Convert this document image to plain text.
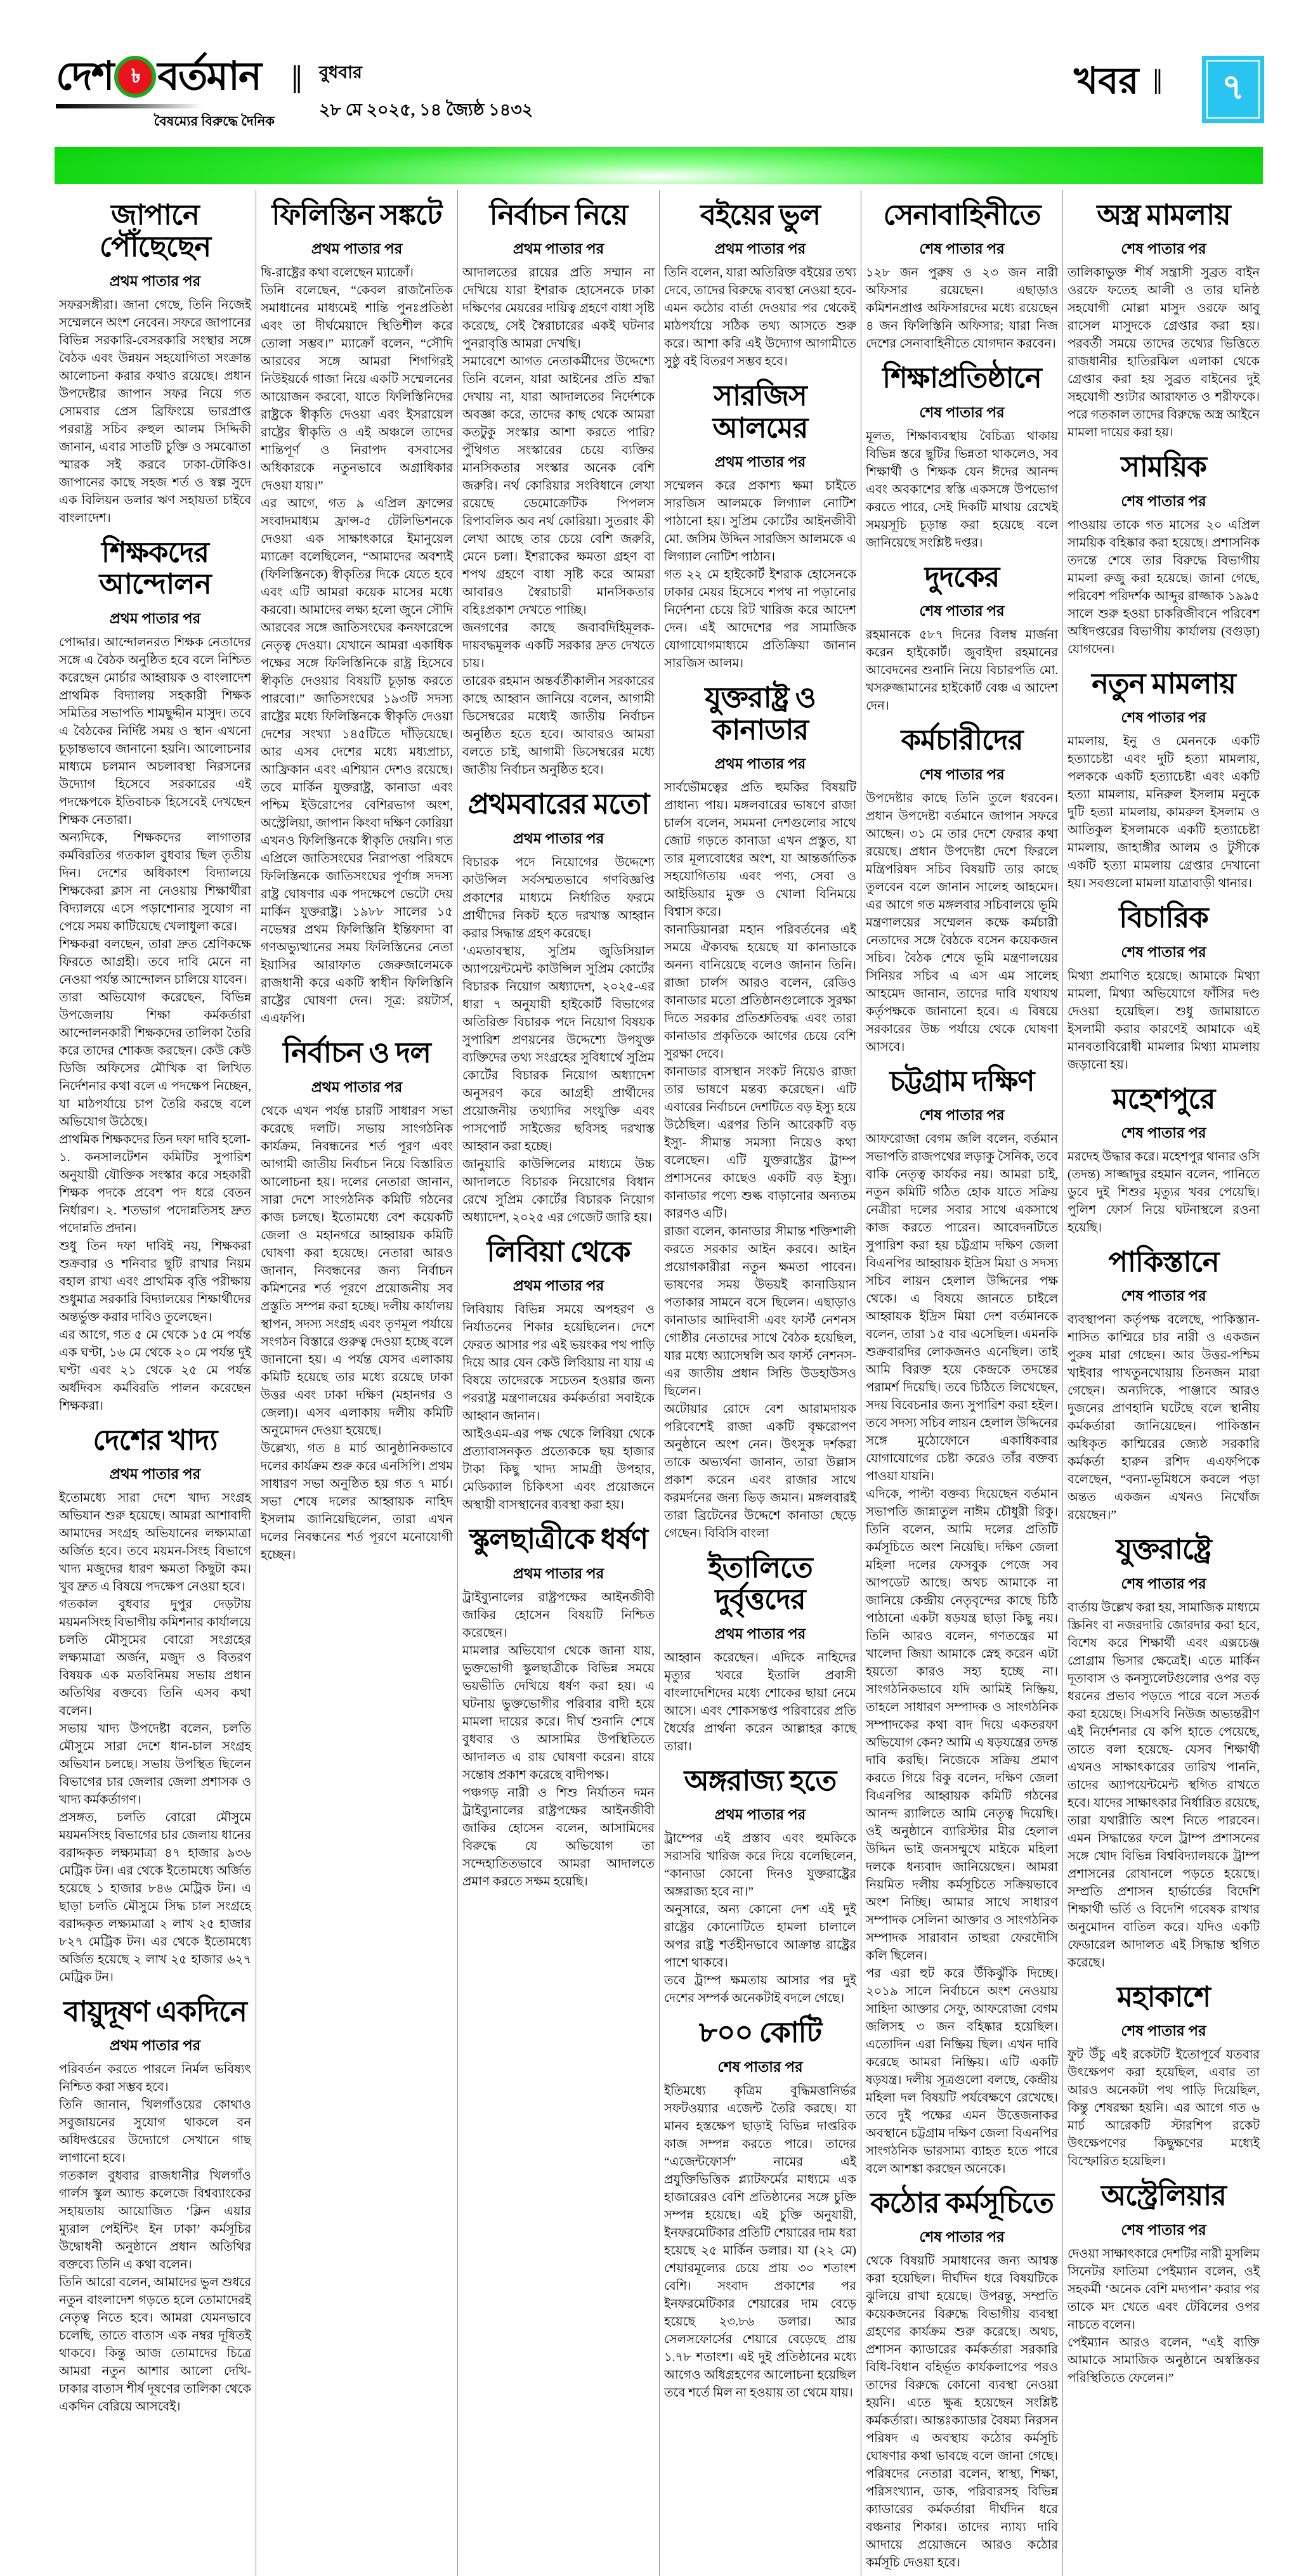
দেশ ৳ বর্তমান
বৈষম্যের বিরুদ্ধে দৈনিক
‖ বুধবার
২৮ মে ২০২৫, ১৪ জ্যৈষ্ঠ ১৪৩২
খবর ‖ ৭
জাপানে পৌঁছেছেন
প্রথম পাতার পর

সফরসঙ্গীরা। জানা গেছে, তিনি নিজেই সম্মেলনে অংশ নেবেন। সফরে জাপানের বিভিন্ন সরকারি-বেসরকারি সংস্থার সঙ্গে বৈঠক এবং উন্নয়ন সহযোগিতা সংক্রান্ত আলোচনা করার কথাও রয়েছে। প্রধান উপদেষ্টার জাপান সফর নিয়ে গত সোমবার প্রেস ব্রিফিংয়ে ভারপ্রাপ্ত পররাষ্ট্র সচিব রুহুল আলম সিদ্দিকী জানান, এবার সাতটি চুক্তি ও সমঝোতা স্মারক সই করবে ঢাকা-টোকিও। জাপানের কাছে সহজ শর্ত ও স্বল্প সুদে এক বিলিয়ন ডলার ঋণ সহায়তা চাইবে বাংলাদেশ।

শিক্ষকদের আন্দোলন
প্রথম পাতার পর

পোদ্দার। আন্দোলনরত শিক্ষক নেতাদের সঙ্গে এ বৈঠক অনুষ্ঠিত হবে বলে নিশ্চিত করেছেন মোর্চার আহ্বায়ক ও বাংলাদেশ প্রাথমিক বিদ্যালয় সহকারী শিক্ষক সমিতির সভাপতি শামছুদ্দীন মাসুদ। তবে এ বৈঠকের নির্দিষ্ট সময় ও স্থান এখনো চূড়ান্তভাবে জানানো হয়নি। আলোচনার মাধ্যমে চলমান অচলাবস্থা নিরসনের উদ্যোগ হিসেবে সরকারের এই পদক্ষেপকে ইতিবাচক হিসেবেই দেখছেন শিক্ষক নেতারা।

অন্যদিকে, শিক্ষকদের লাগাতার কর্মবিরতির গতকাল বুধবার ছিল তৃতীয় দিন। দেশের অধিকাংশ বিদ্যালয়ে শিক্ষকেরা ক্লাস না নেওয়ায় শিক্ষার্থীরা বিদ্যালয়ে এসে পড়াশোনার সুযোগ না পেয়ে সময় কাটিয়েছে খেলাধুলা করে।

শিক্ষকরা বলছেন, তারা দ্রুত শ্রেণিকক্ষে ফিরতে আগ্রহী। তবে দাবি মেনে না নেওয়া পর্যন্ত আন্দোলন চালিয়ে যাবেন।

তারা অভিযোগ করেছেন, বিভিন্ন উপজেলায় শিক্ষা কর্মকর্তারা আন্দোলনকারী শিক্ষকদের তালিকা তৈরি করে তাদের শোকজ করছেন। কেউ কেউ ডিজি অফিসের মৌখিক বা লিখিত নির্দেশনার কথা বলে এ পদক্ষেপ নিচ্ছেন, যা মাঠপর্যায়ে চাপ তৈরি করছে বলে অভিযোগ উঠেছে।

প্রাথমিক শিক্ষকদের তিন দফা দাবি হলো-

১. কনসালটেশন কমিটির সুপারিশ অনুযায়ী যৌক্তিক সংস্কার করে সহকারী শিক্ষক পদকে প্রবেশ পদ ধরে বেতন নির্ধারণ। ২. শতভাগ পদোন্নতিসহ দ্রুত পদোন্নতি প্রদান।

শুধু তিন দফা দাবিই নয়, শিক্ষকরা শুক্রবার ও শনিবার ছুটি রাখার নিয়ম বহাল রাখা এবং প্রাথমিক বৃত্তি পরীক্ষায় শুধুমাত্র সরকারি বিদ্যালয়ের শিক্ষার্থীদের অন্তর্ভুক্ত করার দাবিও তুলেছেন।

এর আগে, গত ৫ মে থেকে ১৫ মে পর্যন্ত এক ঘণ্টা, ১৬ মে থেকে ২০ মে পর্যন্ত দুই ঘণ্টা এবং ২১ থেকে ২৫ মে পর্যন্ত অর্ধদিবস কর্মবিরতি পালন করেছেন শিক্ষকরা।

দেশের খাদ্য
প্রথম পাতার পর

ইতোমধ্যে সারা দেশে খাদ্য সংগ্রহ অভিযান শুরু হয়েছে। আমরা আশাবাদী আমাদের সংগ্রহ অভিযানের লক্ষ্যমাত্রা অর্জিত হবে। তবে ময়মন-সিংহ বিভাগে খাদ্য মজুদের ধারণ ক্ষমতা কিছুটা কম। খুব দ্রুত এ বিষয়ে পদক্ষেপ নেওয়া হবে।

গতকাল বুধবার দুপুর দেড়টায় ময়মনসিংহ বিভাগীয় কমিশনার কার্যালয়ে চলতি মৌসুমের বোরো সংগ্রহের লক্ষ্যমাত্রা অর্জন, মজুদ ও বিতরণ বিষয়ক এক মতবিনিময় সভায় প্রধান অতিথির বক্তব্যে তিনি এসব কথা বলেন।

সভায় খাদ্য উপদেষ্টা বলেন, চলতি মৌসুমে সারা দেশে ধান-চাল সংগ্রহ অভিযান চলছে। সভায় উপস্থিত ছিলেন বিভাগের চার জেলার জেলা প্রশাসক ও খাদ্য কর্মকর্তাগণ।

প্রসঙ্গত, চলতি বোরো মৌসুমে ময়মনসিংহ বিভাগের চার জেলায় ধানের বরাদ্দকৃত লক্ষ্যমাত্রা ৪৭ হাজার ৯৩৬ মেট্রিক টন। এর থেকে ইতোমধ্যে অর্জিত হয়েছে ১ হাজার ৮৪৬ মেট্রিক টন। এ ছাড়া চলতি মৌসুমে সিদ্ধ চাল সংগ্রহে বরাদ্দকৃত লক্ষ্যমাত্রা ২ লাখ ২৫ হাজার ৮২৭ মেট্রিক টন। এর থেকে ইতোমধ্যে অর্জিত হয়েছে ২ লাখ ২৫ হাজার ৬২৭ মেট্রিক টন।

বায়ুদূষণ একদিনে
প্রথম পাতার পর

পরিবর্তন করতে পারলে নির্মল ভবিষ্যৎ নিশ্চিত করা সম্ভব হবে।

তিনি জানান, খিলগাঁওয়ের কোথাও সবুজায়নের সুযোগ থাকলে বন অধিদপ্তরের উদ্যোগে সেখানে গাছ লাগানো হবে।

গতকাল বুধবার রাজধানীর খিলগাঁও গার্লস স্কুল অ্যান্ড কলেজে বিশ্বব্যাংকের সহায়তায় আয়োজিত ‘ক্লিন এয়ার ম্যুরাল পেইন্টিং ইন ঢাকা’ কর্মসূচির উদ্বোধনী অনুষ্ঠানে প্রধান অতিথির বক্তব্যে তিনি এ কথা বলেন।

তিনি আরো বলেন, আমাদের ভুল শুধরে নতুন বাংলাদেশ গড়তে হলে তোমাদেরই নেতৃত্ব নিতে হবে। আমরা যেমনভাবে চলেছি, তাতে বাতাস এক নম্বর দূষিতই থাকবে। কিন্তু আজ তোমাদের চিত্রে আমরা নতুন আশার আলো দেখি- ঢাকার বাতাস শীর্ষ দূষণের তালিকা থেকে একদিন বেরিয়ে আসবেই।

ফিলিস্তিন সঙ্কটে
প্রথম পাতার পর

দ্বি-রাষ্ট্রের কথা বলেছেন ম্যাক্রোঁ।

তিনি বলেছেন, “কেবল রাজনৈতিক সমাধানের মাধ্যমেই শান্তি পুনঃপ্রতিষ্ঠা এবং তা দীর্ঘমেয়াদে স্থিতিশীল করে তোলা সম্ভব।” ম্যাক্রোঁ বলেন, “সৌদি আরবের সঙ্গে আমরা শিগগিরই নিউইয়র্কে গাজা নিয়ে একটি সম্মেলনের আয়োজন করবো, যাতে ফিলিস্তিনিদের রাষ্ট্রকে স্বীকৃতি দেওয়া এবং ইসরায়েল রাষ্ট্রের স্বীকৃতি ও এই অঞ্চলে তাদের শান্তিপূর্ণ ও নিরাপদ বসবাসের অধিকারকে নতুনভাবে অগ্রাধিকার দেওয়া যায়।”

এর আগে, গত ৯ এপ্রিল ফ্রান্সের সংবাদমাধ্যম ফ্রান্স-৫ টেলিভিশনকে দেওয়া এক সাক্ষাৎকারে ইমানুয়েল ম্যাক্রো বলেছিলেন, “আমাদের অবশ্যই (ফিলিস্তিনকে) স্বীকৃতির দিকে যেতে হবে এবং এটি আমরা কয়েক মাসের মধ্যে করবো। আমাদের লক্ষ্য হলো জুনে সৌদি আরবের সঙ্গে জাতিসংঘের কনফারেন্সে নেতৃত্ব দেওয়া। যেখানে আমরা একাধিক পক্ষের সঙ্গে ফিলিস্তিনিকে রাষ্ট্র হিসেবে স্বীকৃতি দেওয়ার বিষয়টি চূড়ান্ত করতে পারবো।” জাতিসংঘের ১৯৩টি সদস্য রাষ্ট্রের মধ্যে ফিলিস্তিনকে স্বীকৃতি দেওয়া দেশের সংখ্যা ১৪৫টিতে দাঁড়িয়েছে। আর এসব দেশের মধ্যে মধ্যপ্রাচ্য, আফ্রিকান এবং এশিয়ান দেশও রয়েছে। তবে মার্কিন যুক্তরাষ্ট্র, কানাডা এবং পশ্চিম ইউরোপের বেশিরভাগ অংশ, অস্ট্রেলিয়া, জাপান কিংবা দক্ষিণ কোরিয়া এখনও ফিলিস্তিনকে স্বীকৃতি দেয়নি। গত এপ্রিলে জাতিসংঘের নিরাপত্তা পরিষদে ফিলিস্তিনকে জাতিসংঘের পূর্ণাঙ্গ সদস্য রাষ্ট্র ঘোষণার এক পদক্ষেপে ভেটো দেয় মার্কিন যুক্তরাষ্ট্র। ১৯৮৮ সালের ১৫ নভেম্বর প্রথম ফিলিস্তিনি ইন্তিফাদা বা গণঅভ্যুত্থানের সময় ফিলিস্তিনের নেতা ইয়াসির আরাফাত জেরুজালেমকে রাজধানী করে একটি স্বাধীন ফিলিস্তিনি রাষ্ট্রের ঘোষণা দেন। সূত্র: রয়টার্স, এএফপি।

নির্বাচন ও দল
প্রথম পাতার পর

থেকে এখন পর্যন্ত চারটি সাধারণ সভা করেছে দলটি। সভায় সাংগঠনিক কার্যক্রম, নিবন্ধনের শর্ত পূরণ এবং আগামী জাতীয় নির্বাচন নিয়ে বিস্তারিত আলোচনা হয়। দলের নেতারা জানান, সারা দেশে সাংগঠনিক কমিটি গঠনের কাজ চলছে। ইতোমধ্যে বেশ কয়েকটি জেলা ও মহানগরে আহ্বায়ক কমিটি ঘোষণা করা হয়েছে। নেতারা আরও জানান, নিবন্ধনের জন্য নির্বাচন কমিশনের শর্ত পূরণে প্রয়োজনীয় সব প্রস্তুতি সম্পন্ন করা হচ্ছে। দলীয় কার্যালয় স্থাপন, সদস্য সংগ্রহ এবং তৃণমূল পর্যায়ে সংগঠন বিস্তারে গুরুত্ব দেওয়া হচ্ছে বলে জানানো হয়। এ পর্যন্ত যেসব এলাকায় কমিটি হয়েছে তার মধ্যে রয়েছে ঢাকা উত্তর এবং ঢাকা দক্ষিণ (মহানগর ও জেলা)। এসব এলাকায় দলীয় কমিটি অনুমোদন দেওয়া হয়েছে।

উল্লেখ্য, গত ৪ মার্চ আনুষ্ঠানিকভাবে দলের কার্যক্রম শুরু করে এনসিপি। প্রথম সাধারণ সভা অনুষ্ঠিত হয় গত ৭ মার্চ। সভা শেষে দলের আহ্বায়ক নাহিদ ইসলাম জানিয়েছিলেন, তারা এখন দলের নিবন্ধনের শর্ত পূরণে মনোযোগী হচ্ছেন।

নির্বাচন নিয়ে
প্রথম পাতার পর

আদালতের রায়ের প্রতি সম্মান না দেখিয়ে যারা ইশরাক হোসেনকে ঢাকা দক্ষিণের মেয়রের দায়িত্ব গ্রহণে বাধা সৃষ্টি করেছে, সেই স্বৈরাচারের একই ঘটনার পুনরাবৃত্তি আমরা দেখছি।

সমাবেশে আগত নেতাকর্মীদের উদ্দেশ্যে তিনি বলেন, যারা আইনের প্রতি শ্রদ্ধা দেখায় না, যারা আদালতের নির্দেশকে অবজ্ঞা করে, তাদের কাছ থেকে আমরা কতটুকু সংস্কার আশা করতে পারি? পুঁথিগত সংস্কারের চেয়ে ব্যক্তির মানসিকতার সংস্কার অনেক বেশি জরুরি। নর্থ কোরিয়ার সংবিধানে লেখা রয়েছে ডেমোক্রেটিক পিপলস রিপাবলিক অব নর্থ কোরিয়া। সুতরাং কী লেখা আছে তার চেয়ে বেশি জরুরি, মেনে চলা। ইশরাকের ক্ষমতা গ্রহণ বা শপথ গ্রহণে বাধা সৃষ্টি করে আমরা আবারও স্বৈরাচারী মানসিকতার বহিঃপ্রকাশ দেখতে পাচ্ছি।

জনগণের কাছে জবাবদিহিমূলক-দায়বদ্ধমূলক একটি সরকার দ্রুত দেখতে চায়।

তারেক রহমান অন্তর্বর্তীকালীন সরকারের কাছে আহ্বান জানিয়ে বলেন, আগামী ডিসেম্বরের মধ্যেই জাতীয় নির্বাচন অনুষ্ঠিত হতে হবে। আবারও আমরা বলতে চাই, আগামী ডিসেম্বরের মধ্যে জাতীয় নির্বাচন অনুষ্ঠিত হবে।

প্রথমবারের মতো
প্রথম পাতার পর

বিচারক পদে নিয়োগের উদ্দেশ্যে কাউন্সিল সর্বসম্মতভাবে গণবিজ্ঞপ্তি প্রকাশের মাধ্যমে নির্ধারিত ফরমে প্রার্থীদের নিকট হতে দরখাস্ত আহ্বান করার সিদ্ধান্ত গ্রহণ করেছে।

‘এমতাবস্থায়, সুপ্রিম জুডিসিয়াল অ্যাপয়েন্টমেন্ট কাউন্সিল সুপ্রিম কোর্টের বিচারক নিয়োগ অধ্যাদেশ, ২০২৫-এর ধারা ৭ অনুযায়ী হাইকোর্ট বিভাগের অতিরিক্ত বিচারক পদে নিয়োগ বিষয়ক সুপারিশ প্রণয়নের উদ্দেশ্যে উপযুক্ত ব্যক্তিদের তথ্য সংগ্রহের সুবিধার্থে সুপ্রিম কোর্টের বিচারক নিয়োগ অধ্যাদেশ অনুসরণ করে আগ্রহী প্রার্থীদের প্রয়োজনীয় তথ্যাদির সংযুক্তি এবং পাসপোর্ট সাইজের ছবিসহ দরখাস্ত আহ্বান করা হচ্ছে।

জানুয়ারি কাউন্সিলের মাধ্যমে উচ্চ আদালতে বিচারক নিয়োগের বিধান রেখে সুপ্রিম কোর্টের বিচারক নিয়োগ অধ্যাদেশ, ২০২৫ এর গেজেট জারি হয়।

লিবিয়া থেকে
প্রথম পাতার পর

লিবিয়ায় বিভিন্ন সময়ে অপহরণ ও নির্যাতনের শিকার হয়েছিলেন। দেশে ফেরত আসার পর এই ভয়ংকর পথ পাড়ি দিয়ে আর যেন কেউ লিবিয়ায় না যায় এ বিষয়ে তাদেরকে সচেতন হওয়ার জন্য পররাষ্ট্র মন্ত্রণালয়ের কর্মকর্তারা সবাইকে আহ্বান জানান।

আইওএম-এর পক্ষ থেকে লিবিয়া থেকে প্রত্যাবাসনকৃত প্রত্যেককে ছয় হাজার টাকা কিছু খাদ্য সামগ্রী উপহার, মেডিক্যাল চিকিৎসা এবং প্রয়োজনে অস্থায়ী বাসস্থানের ব্যবস্থা করা হয়।

স্কুলছাত্রীকে ধর্ষণ
প্রথম পাতার পর

ট্রাইব্যুনালের রাষ্ট্রপক্ষের আইনজীবী জাকির হোসেন বিষয়টি নিশ্চিত করেছেন।

মামলার অভিযোগ থেকে জানা যায়, ভুক্তভোগী স্কুলছাত্রীকে বিভিন্ন সময়ে ভয়ভীতি দেখিয়ে ধর্ষণ করা হয়। এ ঘটনায় ভুক্তভোগীর পরিবার বাদী হয়ে মামলা দায়ের করে। দীর্ঘ শুনানি শেষে বুধবার ও আসামির উপস্থিতিতে আদালত এ রায় ঘোষণা করেন। রায়ে সন্তোষ প্রকাশ করেছে বাদীপক্ষ।

পঞ্চগড় নারী ও শিশু নির্যাতন দমন ট্রাইব্যুনালের রাষ্ট্রপক্ষের আইনজীবী জাকির হোসেন বলেন, আসামিদের বিরুদ্ধে যে অভিযোগ তা সন্দেহাতিতভাবে আমরা আদালতে প্রমাণ করতে সক্ষম হয়েছি।

বইয়ের ভুল
প্রথম পাতার পর

তিনি বলেন, যারা অতিরিক্ত বইয়ের তথ্য দেবে, তাদের বিরুদ্ধে ব্যবস্থা নেওয়া হবে- এমন কঠোর বার্তা দেওয়ার পর থেকেই মাঠপর্যায়ে সঠিক তথ্য আসতে শুরু করে। আশা করি এই উদ্যোগ আগামীতে সুষ্ঠু বই বিতরণ সম্ভব হবে।

সারজিস আলমের
প্রথম পাতার পর

সম্মেলন করে প্রকাশ্য ক্ষমা চাইতে সারজিস আলমকে লিগ্যাল নোটিশ পাঠানো হয়। সুপ্রিম কোর্টের আইনজীবী মো. জসিম উদ্দিন সারজিস আলমকে এ লিগ্যাল নোটিশ পাঠান।

গত ২২ মে হাইকোর্ট ইশরাক হোসেনকে ঢাকার মেয়র হিসেবে শপথ না পড়ানোর নির্দেশনা চেয়ে রিট খারিজ করে আদেশ দেন। এই আদেশের পর সামাজিক যোগাযোগমাধ্যমে প্রতিক্রিয়া জানান সারজিস আলম।

যুক্তরাষ্ট্র ও কানাডার
প্রথম পাতার পর

সার্বভৌমত্বের প্রতি হুমকির বিষয়টি প্রাধান্য পায়। মঙ্গলবারের ভাষণে রাজা চার্লস বলেন, সমমনা দেশগুলোর সাথে জোট গড়তে কানাডা এখন প্রস্তুত, যা তার মূল্যবোধের অংশ, যা আন্তর্জাতিক সহযোগিতায় এবং পণ্য, সেবা ও আইডিয়ার মুক্ত ও খোলা বিনিময়ে বিশ্বাস করে।

কানাডিয়ানরা মহান পরিবর্তনের এই সময়ে ঐক্যবদ্ধ হয়েছে যা কানাডাকে অনন্য বানিয়েছে বলেও জানান তিনি। রাজা চার্লস আরও বলেন, রেডিও কানাডার মতো প্রতিষ্ঠানগুলোকে সুরক্ষা দিতে সরকার প্রতিশ্রুতিবদ্ধ এবং তারা কানাডার প্রকৃতিকে আগের চেয়ে বেশি সুরক্ষা দেবে।

কানাডার বাসস্থান সংকট নিয়েও রাজা তার ভাষণে মন্তব্য করেছেন। এটি এবারের নির্বাচনে দেশটিতে বড় ইস্যু হয়ে উঠেছিল। এরপর তিনি আরেকটি বড় ইস্যু- সীমান্ত সমস্যা নিয়েও কথা বলেছেন। এটি যুক্তরাষ্ট্রের ট্রাম্প প্রশাসনের কাছেও একটি বড় ইস্যু। কানাডার পণ্যে শুল্ক বাড়ানোর অন্যতম কারণও এটি।

রাজা বলেন, কানাডার সীমান্ত শক্তিশালী করতে সরকার আইন করবে। আইন প্রয়োগকারীরা নতুন ক্ষমতা পাবেন। ভাষণের সময় উভয়ই কানাডিয়ান পতাকার সামনে বসে ছিলেন। এছাড়াও কানাডার আদিবাসী এবং ফার্স্ট নেশনস গোষ্ঠীর নেতাদের সাথে বৈঠক হয়েছিল, যার মধ্যে অ্যাসেম্বলি অব ফার্স্ট নেশনস-এর জাতীয় প্রধান সিন্ডি উডহাউসও ছিলেন।

অটোয়ার রোদে বেশ আরামদায়ক পরিবেশেই রাজা একটি বৃক্ষরোপণ অনুষ্ঠানে অংশ নেন। উৎসুক দর্শকরা তাকে অভ্যর্থনা জানান, তারা উল্লাস প্রকাশ করেন এবং রাজার সাথে করমর্দনের জন্য ভিড় জমান। মঙ্গলবারই তারা ব্রিটেনের উদ্দেশে কানাডা ছেড়ে গেছেন। বিবিসি বাংলা

ইতালিতে দুর্বৃত্তদের
প্রথম পাতার পর

আহ্বান করেছেন। এদিকে নাহিদের মৃত্যুর খবরে ইতালি প্রবাসী বাংলাদেশিদের মধ্যে শোকের ছায়া নেমে আসে। এবং শোকসন্তপ্ত পরিবারের প্রতি ধৈর্যের প্রার্থনা করেন আল্লাহর কাছে তারা।

অঙ্গরাজ্য হতে
প্রথম পাতার পর

ট্রাম্পের এই প্রস্তাব এবং হুমকিকে সরাসরি খারিজ করে দিয়ে বলেছিলেন, “কানাডা কোনো দিনও যুক্তরাষ্ট্রের অঙ্গরাজ্য হবে না।”

অনুসারে, অন্য কোনো দেশ এই দুই রাষ্ট্রের কোনোটিতে হামলা চালালে অপর রাষ্ট্র শর্তহীনভাবে আক্রান্ত রাষ্ট্রের পাশে থাকবে।

তবে ট্রাম্প ক্ষমতায় আসার পর দুই দেশের সম্পর্ক অনেকটাই বদলে গেছে।

৮০০ কোটি
শেষ পাতার পর

ইতিমধ্যে কৃত্রিম বুদ্ধিমত্তানির্ভর সফটওয়্যার এজেন্ট তৈরি করছে। যা মানব হস্তক্ষেপ ছাড়াই বিভিন্ন দাপ্তরিক কাজ সম্পন্ন করতে পারে। তাদের “এজেন্টফোর্স” নামের এই প্রযুক্তিভিত্তিক প্ল্যাটফর্মের মাধ্যমে এক হাজারেরও বেশি প্রতিষ্ঠানের সঙ্গে চুক্তি সম্পন্ন হয়েছে। এই চুক্তি অনুযায়ী, ইনফরমেটিকার প্রতিটি শেয়ারের দাম ধরা হয়েছে ২৫ মার্কিন ডলার। যা (২২ মে) শেয়ারমূল্যের চেয়ে প্রায় ৩০ শতাংশ বেশি। সংবাদ প্রকাশের পর ইনফরমেটিকার শেয়ারের দাম বেড়ে হয়েছে ২৩.৮৬ ডলার। আর সেলসফোর্সের শেয়ারে বেড়েছে প্রায় ১.৭৮ শতাংশ। এই দুই প্রতিষ্ঠানের মধ্যে আগেও অধিগ্রহণের আলোচনা হয়েছিল তবে শর্তে মিল না হওয়ায় তা থেমে যায়।

সেনাবাহিনীতে
শেষ পাতার পর

১২৮ জন পুরুষ ও ২৩ জন নারী অফিসার রয়েছেন। এছাড়াও কমিশনপ্রাপ্ত অফিসারদের মধ্যে রয়েছেন ৪ জন ফিলিস্তিনি অফিসার; যারা নিজ দেশের সেনাবাহিনীতে যোগদান করবেন।

শিক্ষাপ্রতিষ্ঠানে
শেষ পাতার পর

মূলত, শিক্ষাব্যবস্থায় বৈচিত্র্য থাকায় বিভিন্ন স্তরে ছুটির ভিন্নতা থাকলেও, সব শিক্ষার্থী ও শিক্ষক যেন ঈদের আনন্দ এবং অবকাশের স্বস্তি একসঙ্গে উপভোগ করতে পারে, সেই দিকটি মাথায় রেখেই সময়সূচি চূড়ান্ত করা হয়েছে বলে জানিয়েছে সংশ্লিষ্ট দপ্তর।

দুদকের
শেষ পাতার পর

রহমানকে ৫৮৭ দিনের বিলম্ব মার্জনা করেন হাইকোর্ট। জুবাইদা রহমানের আবেদনের শুনানি নিয়ে বিচারপতি মো. খসরুজ্জামানের হাইকোর্ট বেঞ্চ এ আদেশ দেন।

কর্মচারীদের
শেষ পাতার পর

উপদেষ্টার কাছে তিনি তুলে ধরবেন। প্রধান উপদেষ্টা বর্তমানে জাপান সফরে আছেন। ৩১ মে তার দেশে ফেরার কথা রয়েছে। প্রধান উপদেষ্টা দেশে ফিরলে মন্ত্রিপরিষদ সচিব বিষয়টি তার কাছে তুলবেন বলে জানান সালেহ আহমেদ। এর আগে গত মঙ্গলবার সচিবালয়ে ভূমি মন্ত্রণালয়ের সম্মেলন কক্ষে কর্মচারী নেতাদের সঙ্গে বৈঠকে বসেন কয়েকজন সচিব। বৈঠক শেষে ভূমি মন্ত্রণালয়ের সিনিয়র সচিব এ এস এম সালেহ আহমেদ জানান, তাদের দাবি যথাযথ কর্তৃপক্ষকে জানানো হবে। এ বিষয়ে সরকারের উচ্চ পর্যায়ে থেকে ঘোষণা আসবে।

চট্টগ্রাম দক্ষিণ
শেষ পাতার পর

আফরোজা বেগম জলি বলেন, বর্তমান সভাপতি রাজপথের লড়াকু সৈনিক, তবে বাকি নেতৃত্ব কার্যকর নয়। আমরা চাই, নতুন কমিটি গঠিত হোক যাতে সক্রিয় নেত্রীরা দলের সবার সাথে একসাথে কাজ করতে পারেন। আবেদনটিতে সুপারিশ করা হয় চট্টগ্রাম দক্ষিণ জেলা বিএনপির আহ্বায়ক ইদ্রিস মিয়া ও সদস্য সচিব লায়ন হেলাল উদ্দিনের পক্ষ থেকে। এ বিষয়ে জানতে চাইলে আহ্বায়ক ইদ্রিস মিয়া দেশ বর্তমানকে বলেন, তারা ১৫ বার এসেছিল। এমনকি শুক্রবারদির লোকজনও এনেছিল। তাই আমি বিরক্ত হয়ে কেন্দ্রকে তদন্তের পরামর্শ দিয়েছি। তবে চিঠিতে লিখেছেন, সদয় বিবেচনার জন্য সুপারিশ করা হইল। তবে সদস্য সচিব লায়ন হেলাল উদ্দিনের সঙ্গে মুঠোফোনে একাধিকবার যোগাযোগের চেষ্টা করেও তাঁর বক্তব্য পাওয়া যায়নি।

এদিকে, পাল্টা বক্তব্য দিয়েছেন বর্তমান সভাপতি জান্নাতুল নাঈম চৌধুরী রিকু। তিনি বলেন, আমি দলের প্রতিটি কর্মসূচিতে অংশ নিয়েছি। দক্ষিণ জেলা মহিলা দলের ফেসবুক পেজে সব আপডেট আছে। অথচ আমাকে না জানিয়ে কেন্দ্রীয় নেতৃবৃন্দের কাছে চিঠি পাঠানো একটা ষড়যন্ত্র ছাড়া কিছু নয়। তিনি আরও বলেন, গণতন্ত্রের মা খালেদা জিয়া আমাকে স্নেহ করেন এটা হয়তো কারও সহ্য হচ্ছে না। সাংগঠনিকভাবে যদি আমিই নিষ্ক্রিয়, তাহলে সাধারণ সম্পাদক ও সাংগঠনিক সম্পাদকের কথা বাদ দিয়ে একতরফা অভিযোগ কেন? আমি এ ষড়যন্ত্রের তদন্ত দাবি করছি। নিজেকে সক্রিয় প্রমাণ করতে গিয়ে রিকু বলেন, দক্ষিণ জেলা বিএনপির আহ্বায়ক কমিটি গঠনের আনন্দ র‍্যালিতে আমি নেতৃত্ব দিয়েছি। ওই অনুষ্ঠানে ব্যারিস্টার মীর হেলাল উদ্দিন ভাই জনসম্মুখে মাইকে মহিলা দলকে ধন্যবাদ জানিয়েছেন। আমরা নিয়মিত দলীয় কর্মসূচিতে সক্রিয়ভাবে অংশ নিচ্ছি। আমার সাথে সাধারণ সম্পাদক সেলিনা আক্তার ও সাংগঠনিক সম্পাদক সারাবান তাহুরা ফেরদৌসি কলি ছিলেন।

পর এরা হুট করে উঁকিঝুঁকি দিচ্ছে। ২০১৯ সালে নির্বাচনে অংশ নেওয়ায় সাহিদা আক্তার সেফু, আফরোজা বেগম জলিসহ ৩ জন বহিষ্কার হয়েছিল। এতোদিন এরা নিষ্ক্রিয় ছিল। এখন দাবি করেছে আমরা নিষ্ক্রিয়। এটি একটি ষড়যন্ত্র। দলীয় সূত্রগুলো বলছে, কেন্দ্রীয় মহিলা দল বিষয়টি পর্যবেক্ষণে রেখেছে। তবে দুই পক্ষের এমন উত্তেজনাকর অবস্থানে চট্টগ্রাম দক্ষিণ জেলা বিএনপির সাংগঠনিক ভারসাম্য ব্যাহত হতে পারে বলে আশঙ্কা করছেন অনেকে।

কঠোর কর্মসূচিতে
শেষ পাতার পর

থেকে বিষয়টি সমাধানের জন্য আশ্বস্ত করা হয়েছিল। দীর্ঘদিন ধরে বিষয়টিকে ঝুলিয়ে রাখা হয়েছে। উপরন্তু, সম্প্রতি কয়েকজনের বিরুদ্ধে বিভাগীয় ব্যবস্থা গ্রহণের কার্যক্রম শুরু করেছে। অথচ, প্রশাসন ক্যাডারের কর্মকর্তারা সরকারি বিধি-বিধান বহির্ভূত কার্যকলাপের পরও তাদের বিরুদ্ধে কোনো ব্যবস্থা নেওয়া হয়নি। এতে ক্ষুব্ধ হয়েছেন সংশ্লিষ্ট কর্মকর্তারা। আন্তঃক্যাডার বৈষম্য নিরসন পরিষদ এ অবস্থায় কঠোর কর্মসূচি ঘোষণার কথা ভাবছে বলে জানা গেছে। পরিষদের নেতারা বলেন, স্বাস্থ্য, শিক্ষা, পরিসংখ্যান, ডাক, পরিবারসহ বিভিন্ন ক্যাডারের কর্মকর্তারা দীর্ঘদিন ধরে বঞ্চনার শিকার। তাদের ন্যায্য দাবি আদায়ে প্রয়োজনে আরও কঠোর কর্মসূচি দেওয়া হবে।

অস্ত্র মামলায়
শেষ পাতার পর

তালিকাভুক্ত শীর্ষ সন্ত্রাসী সুব্রত বাইন ওরফে ফতেহ আলী ও তার ঘনিষ্ঠ সহযোগী মোল্লা মাসুদ ওরফে আবু রাসেল মাসুদকে গ্রেপ্তার করা হয়। পরবর্তী সময়ে তাদের তথ্যের ভিত্তিতে রাজধানীর হাতিরঝিল এলাকা থেকে গ্রেপ্তার করা হয় সুব্রত বাইনের দুই সহযোগী শ্যুটার আরাফাত ও শরীফকে। পরে গতকাল তাদের বিরুদ্ধে অস্ত্র আইনে মামলা দায়ের করা হয়।

সাময়িক
শেষ পাতার পর

পাওয়ায় তাকে গত মাসের ২০ এপ্রিল সাময়িক বহিষ্কার করা হয়েছে। প্রশাসনিক তদন্তে শেষে তার বিরুদ্ধে বিভাগীয় মামলা রুজু করা হয়েছে। জানা গেছে, পরিবেশ পরিদর্শক আব্দুর রাজ্জাক ১৯৯৫ সালে শুরু হওয়া চাকরিজীবনে পরিবেশ অধিদপ্তরের বিভাগীয় কার্যালয় (বগুড়া) যোগদেন।

নতুন মামলায়
শেষ পাতার পর

মামলায়, ইনু ও মেননকে একটি হত্যাচেষ্টা এবং দুটি হত্যা মামলায়, পলককে একটি হত্যাচেষ্টা এবং একটি হত্যা মামলায়, মনিরুল ইসলাম মনুকে দুটি হত্যা মামলায়, কামরুল ইসলাম ও আতিকুল ইসলামকে একটি হত্যাচেষ্টা মামলায়, জাহাঙ্গীর আলম ও টুসীকে একটি হত্যা মামলায় গ্রেপ্তার দেখানো হয়। সবগুলো মামলা যাত্রাবাড়ী থানার।

বিচারিক
শেষ পাতার পর

মিথ্যা প্রমাণিত হয়েছে। আমাকে মিথ্যা মামলা, মিথ্যা অভিযোগে ফাঁসির দণ্ড দেওয়া হয়েছিল। শুধু জামায়াতে ইসলামী করার কারণেই আমাকে এই মানবতাবিরোধী মামলার মিথ্যা মামলায় জড়ানো হয়।

মহেশপুরে
শেষ পাতার পর

মরদেহ উদ্ধার করে। মহেশপুর থানার ওসি (তদন্ত) সাজ্জাদুর রহমান বলেন, পানিতে ডুবে দুই শিশুর মৃত্যুর খবর পেয়েছি। পুলিশ ফোর্স নিয়ে ঘটনাস্থলে রওনা হয়েছি।

পাকিস্তানে
শেষ পাতার পর

ব্যবস্থাপনা কর্তৃপক্ষ বলেছে, পাকিস্তান-শাসিত কাশ্মিরে চার নারী ও একজন পুরুষ মারা গেছেন। আর উত্তর-পশ্চিম খাইবার পাখতুনখোয়ায় তিনজন মারা গেছেন। অন্যদিকে, পাঞ্জাবে আরও দুজনের প্রাণহানি ঘটেছে বলে স্থানীয় কর্মকর্তারা জানিয়েছেন। পাকিস্তান অধিকৃত কাশ্মিরের জ্যেষ্ঠ সরকারি কর্মকর্তা হারুন রশিদ এএফপিকে বলেছেন, “বন্যা-ভূমিধসে কবলে পড়া অন্তত একজন এখনও নিখোঁজ রয়েছেন।”

যুক্তরাষ্ট্রে
শেষ পাতার পর

বার্তায় উল্লেখ করা হয়, সামাজিক মাধ্যমে স্ক্রিনিং বা নজরদারি জোরদার করা হবে, বিশেষ করে শিক্ষার্থী এবং এক্সচেঞ্জ প্রোগ্রাম ভিসার ক্ষেত্রেই। এতে মার্কিন দূতাবাস ও কনস্যুলেটগুলোর ওপর বড় ধরনের প্রভাব পড়তে পারে বলে সতর্ক করা হয়েছে। সিএসবি নিউজ অভ্যন্তরীণ এই নির্দেশনার যে কপি হাতে পেয়েছে, তাতে বলা হয়েছে- যেসব শিক্ষার্থী এখনও সাক্ষাৎকারের তারিখ পাননি, তাদের অ্যাপয়েন্টমেন্ট স্থগিত রাখতে হবে। যাদের সাক্ষাৎকার নির্ধারিত রয়েছে, তারা যথারীতি অংশ নিতে পারবেন। এমন সিদ্ধান্তের ফলে ট্রাম্প প্রশাসনের সঙ্গে খোদ বিভিন্ন বিশ্ববিদ্যালয়কে ট্রাম্প প্রশাসনের রোষানলে পড়তে হয়েছে। সম্প্রতি প্রশাসন হার্ভার্ডের বিদেশি শিক্ষার্থী ভর্তি ও বিদেশি গবেষক রাখার অনুমোদন বাতিল করে। যদিও একটি ফেডারেল আদালত এই সিদ্ধান্ত স্থগিত করেছে।

মহাকাশে
শেষ পাতার পর

ফুট উঁচু এই রকেটটি ইতোপূর্বে যতবার উৎক্ষেপণ করা হয়েছিল, এবার তা আরও অনেকটা পথ পাড়ি দিয়েছিল, কিন্তু শেষরক্ষা হয়নি। এর আগে গত ৬ মার্চ আরেকটি স্টারশিপ রকেট উৎক্ষেপণের কিছুক্ষণের মধ্যেই বিস্ফোরিত হয়েছিল।

অস্ট্রেলিয়ার
শেষ পাতার পর

দেওয়া সাক্ষাৎকারে দেশটির নারী মুসলিম সিনেটর ফাতিমা পেইম্যান বলেন, ওই সহকর্মী ‘অনেক বেশি মদ্যপান’ করার পর তাকে মদ খেতে এবং টেবিলের ওপর নাচতে বলেন।

পেইম্যান আরও বলেন, “এই ব্যক্তি আমাকে সামাজিক অনুষ্ঠানে অস্বস্তিকর পরিস্থিতিতে ফেলেন।”
